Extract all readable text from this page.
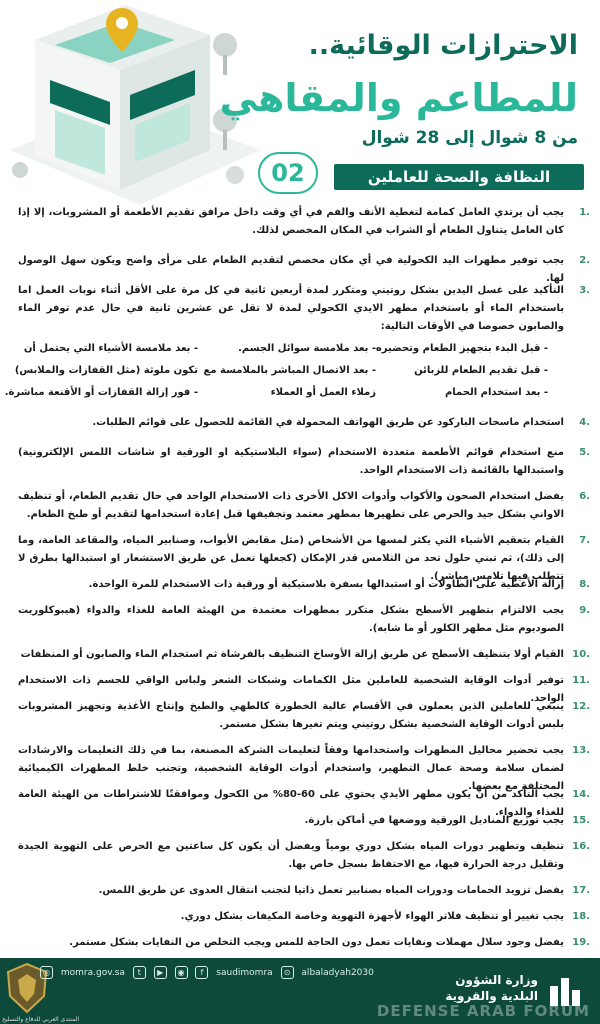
الاحترازات الوقائية..
للمطاعم والمقاهي
من 8 شوال إلى 28 شوال
النظافة والصحة للعاملين
02
1.
يجب أن يرتدي العامل كمامة لتغطية الأنف والفم في أي وقت داخل مرافق تقديم الأطعمة أو المشروبات، إلا إذا كان العامل يتناول الطعام أو الشراب في المكان المخصص لذلك.
2.
يجب توفير مطهرات اليد الكحولية في أي مكان مخصص لتقديم الطعام على مرأى واضح ويكون سهل الوصول لها.
3.
التأكيد على غسل اليدين بشكل روتيني ومتكرر لمدة أربعين ثانية في كل مرة على الأقل أثناء نوبات العمل اما باستخدام الماء أو باستخدام مطهر الايدي الكحولي لمدة لا تقل عن عشرين ثانية في حال عدم توفر الماء والصابون خصوصا في الأوقات التالية:
- قبل البدء بتجهيز الطعام وتحضيره
- قبل تقديم الطعام للزبائن
- بعد استخدام الحمام
- بعد ملامسة سوائل الجسم.
- بعد الاتصال المباشر بالملامسة مع
زملاء العمل أو العملاء
- بعد ملامسة الأشياء التي يحتمل أن
تكون ملوثة (مثل القفازات والملابس)
- فور إزالة القفازات أو الأقنعة مباشرة.
4.
استخدام ماسحات الباركود عن طريق الهواتف المحمولة في القائمة للحصول على قوائم الطلبات.
5.
منع استخدام قوائم الأطعمة متعددة الاستخدام (سواء البلاستيكية او الورقية او شاشات اللمس الإلكترونية) واستبدالها بالقائمة ذات الاستخدام الواحد.
6.
يفضل استخدام الصحون والأكواب وأدوات الاكل الأخرى ذات الاستخدام الواحد في حال تقديم الطعام، أو تنظيف الاواني بشكل جيد والحرص على تطهيرها بمطهر معتمد وتجفيفها قبل إعادة استخدامها لتقديم أو طبخ الطعام.
7.
القيام بتعقيم الأشياء التي يكثر لمسها من الأشخاص (مثل مقابض الأبواب، وصنابير المياه، والمقاعد العامة، وما إلى ذلك)، ثم تبني حلول تحد من التلامس قدر الإمكان (كجعلها تعمل عن طريق الاستشعار او استبدالها بطرق لا تتطلب فيها تلامس مباشر).
8.
إزالة الأغطية على الطاولات أو استبدالها بسفرة بلاستيكية أو ورقية ذات الاستخدام للمرة الواحدة.
9.
يجب الالتزام بتطهير الأسطح بشكل متكرر بمطهرات معتمدة من الهيئة العامة للغذاء والدواء (هيبوكلوريت الصوديوم مثل مطهر الكلور أو ما شابه).
10.
القيام أولا بتنظيف الأسطح عن طريق إزالة الأوساخ التنظيف بالفرشاة ثم استخدام الماء والصابون أو المنظفات
11.
توفير أدوات الوقاية الشخصية للعاملين مثل الكمامات وشبكات الشعر ولباس الواقي للجسم ذات الاستخدام الواحد.
12.
ينبغي للعاملين الذين يعملون في الأقسام عالية الخطورة كالطهي والطبخ وإنتاج الأغذية وتجهيز المشروبات بلبس أدوات الوقاية الشخصية بشكل روتيني ويتم تغيرها بشكل مستمر.
13.
يجب تحضير محاليل المطهرات واستخدامها وفقاً لتعليمات الشركة المصنعة، بما في ذلك التعليمات والارشادات لضمان سلامة وصحة عمال التطهير، واستخدام أدوات الوقاية الشخصية، وتجنب خلط المطهرات الكيميائية المختلفة مع بعضها.
14.
يجب التأكد من أن يكون مطهر الأيدي يحتوي على 60-80% من الكحول وموافقتًا للاشتراطات من الهيئة العامة للغذاء والدواء.
15.
يجب توزيع المناديل الورقية ووضعها في أماكن بارزة.
16.
تنظيف وتطهير دورات المياه بشكل دوري يومياً ويفضل أن يكون كل ساعتين مع الحرص على التهوية الجيدة وتقليل درجة الحرارة فيها، مع الاحتفاظ بسجل خاص بها.
17.
يفضل تزويد الحمامات ودورات المياه بصنابير تعمل ذاتيا لتجنب انتقال العدوى عن طريق اللمس.
18.
يجب تغيير أو تنظيف فلاتر الهواء لأجهزة التهوية وخاصة المكيفات بشكل دوري.
19.
يفضل وجود سلال مهملات ونفايات تعمل دون الحاجة للمس ويجب التخلص من النفايات بشكل مستمر.
المنتدى العربي للدفاع والتسليح
◎ momra.gov.sa t ▶ ◉ f saudimomra ⊙ albaladyah2030
وزارة الشؤون
البلدية والقروية
DEFENSE ARAB FORUM
